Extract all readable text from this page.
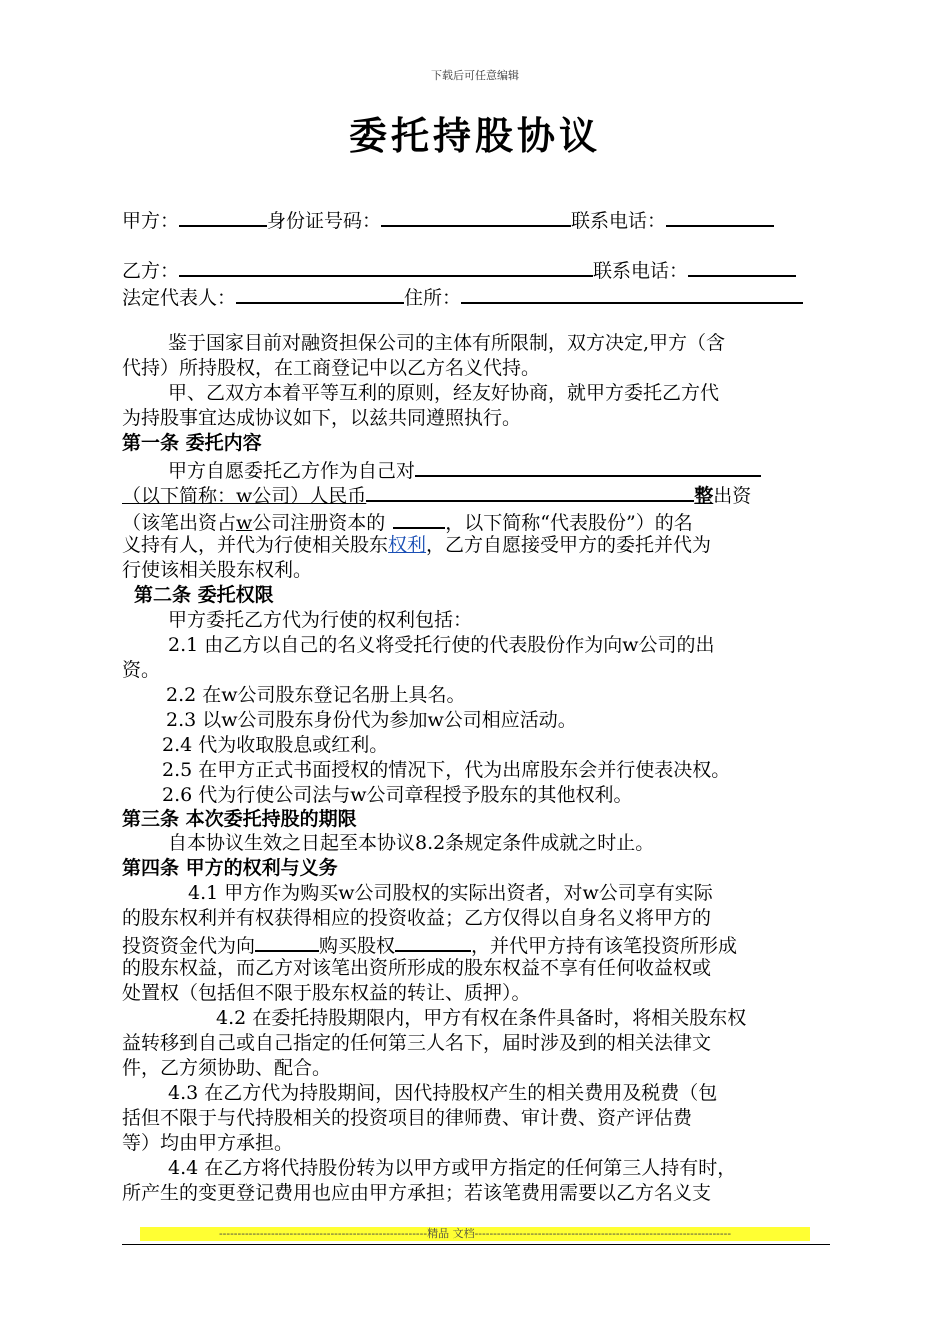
下载后可任意编辑
委托持股协议
甲方：	身份证号码：	联系电话：
乙方：	联系电话：
法定代表人：	住所：
鉴于国家目前对融资担保公司的主体有所限制，双方决定,甲方（含
代持）所持股权，在工商登记中以乙方名义代持。
甲、乙双方本着平等互利的原则，经友好协商，就甲方委托乙方代
为持股事宜达成协议如下，以兹共同遵照执行。
第一条 委托内容
甲方自愿委托乙方作为自己对
（以下简称：w公司）人民币	整出资
（该笔出资占w公司注册资本的	，以下简称“代表股份”）的名
义持有人，并代为行使相关股东权利，乙方自愿接受甲方的委托并代为
行使该相关股东权利。
第二条 委托权限
甲方委托乙方代为行使的权利包括：
2.1 由乙方以自己的名义将受托行使的代表股份作为向w公司的出
资。
2.2 在w公司股东登记名册上具名。
2.3 以w公司股东身份代为参加w公司相应活动。
2.4 代为收取股息或红利。
2.5 在甲方正式书面授权的情况下，代为出席股东会并行使表决权。
2.6 代为行使公司法与w公司章程授予股东的其他权利。
第三条 本次委托持股的期限
自本协议生效之日起至本协议8.2条规定条件成就之时止。
第四条 甲方的权利与义务
4.1 甲方作为购买w公司股权的实际出资者，对w公司享有实际
的股东权利并有权获得相应的投资收益；乙方仅得以自身名义将甲方的
投资资金代为向	购买股权	，并代甲方持有该笔投资所形成
的股东权益，而乙方对该笔出资所形成的股东权益不享有任何收益权或
处置权（包括但不限于股东权益的转让、质押）。
4.2 在委托持股期限内，甲方有权在条件具备时，将相关股东权
益转移到自己或自己指定的任何第三人名下，届时涉及到的相关法律文
件，乙方须协助、配合。
4.3 在乙方代为持股期间，因代持股权产生的相关费用及税费（包
括但不限于与代持股相关的投资项目的律师费、审计费、资产评估费
等）均由甲方承担。
4.4 在乙方将代持股份转为以甲方或甲方指定的任何第三人持有时，
所产生的变更登记费用也应由甲方承担；若该笔费用需要以乙方名义支
--------------------------------------------------------精品 文档---------------------------------------------------------------------
